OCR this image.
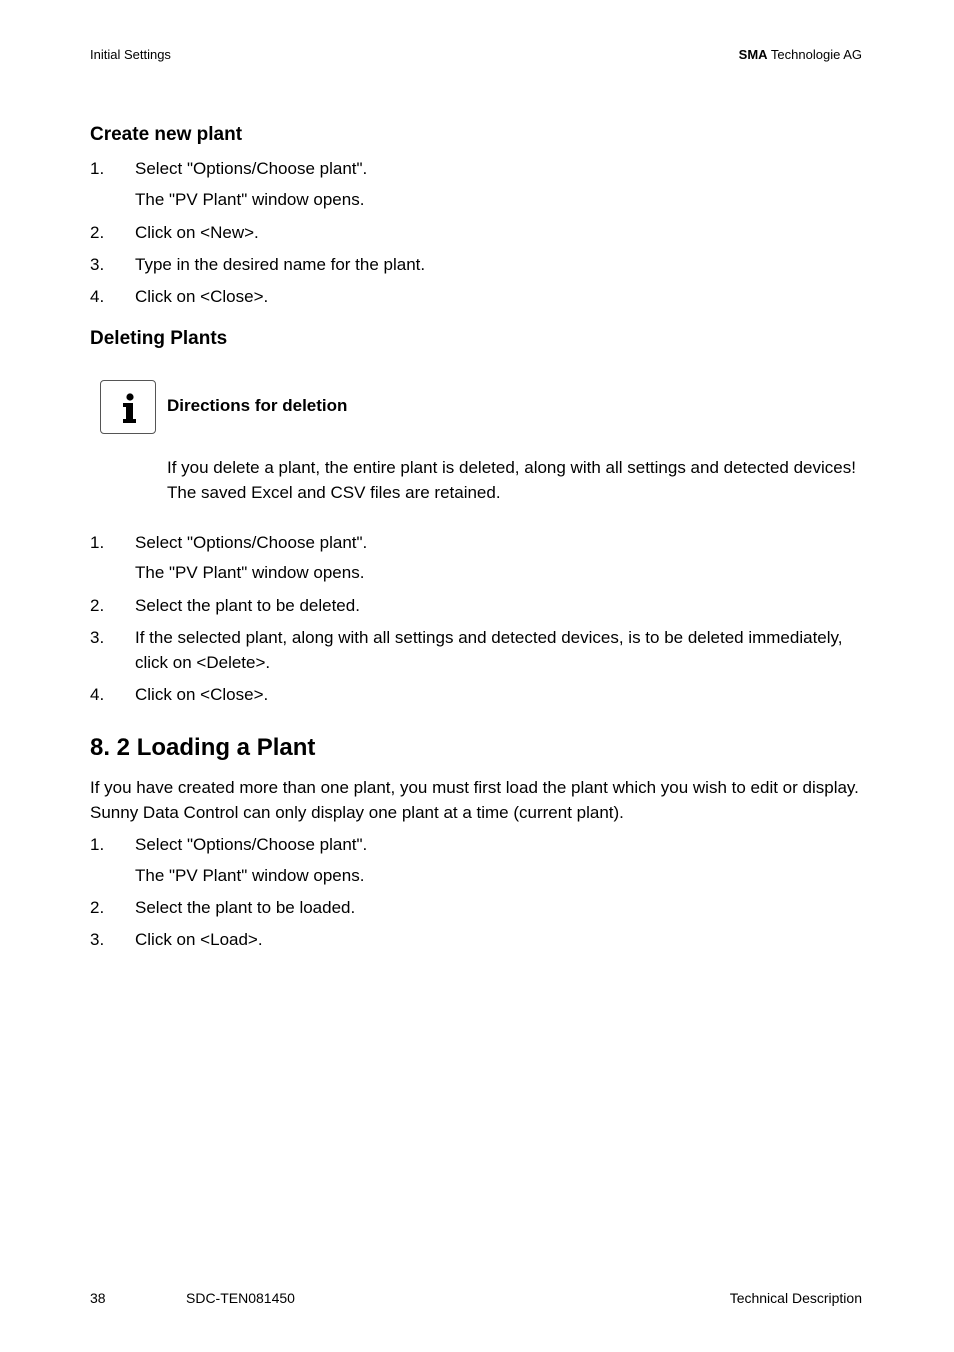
Initial Settings	SMA Technologie AG
Create new plant
1.	Select "Options/Choose plant".
The "PV Plant" window opens.
2.	Click on <New>.
3.	Type in the desired name for the plant.
4.	Click on <Close>.
Deleting Plants
Directions for deletion
If you delete a plant, the entire plant is deleted, along with all settings and detected devices! The saved Excel and CSV files are retained.
1.	Select "Options/Choose plant".
The "PV Plant" window opens.
2.	Select the plant to be deleted.
3.	If the selected plant, along with all settings and detected devices, is to be deleted immediately, click on <Delete>.
4.	Click on <Close>.
8. 2 Loading a Plant
If you have created more than one plant, you must first load the plant which you wish to edit or display. Sunny Data Control can only display one plant at a time (current plant).
1.	Select "Options/Choose plant".
The "PV Plant" window opens.
2.	Select the plant to be loaded.
3.	Click on <Load>.
38	SDC-TEN081450	Technical Description
